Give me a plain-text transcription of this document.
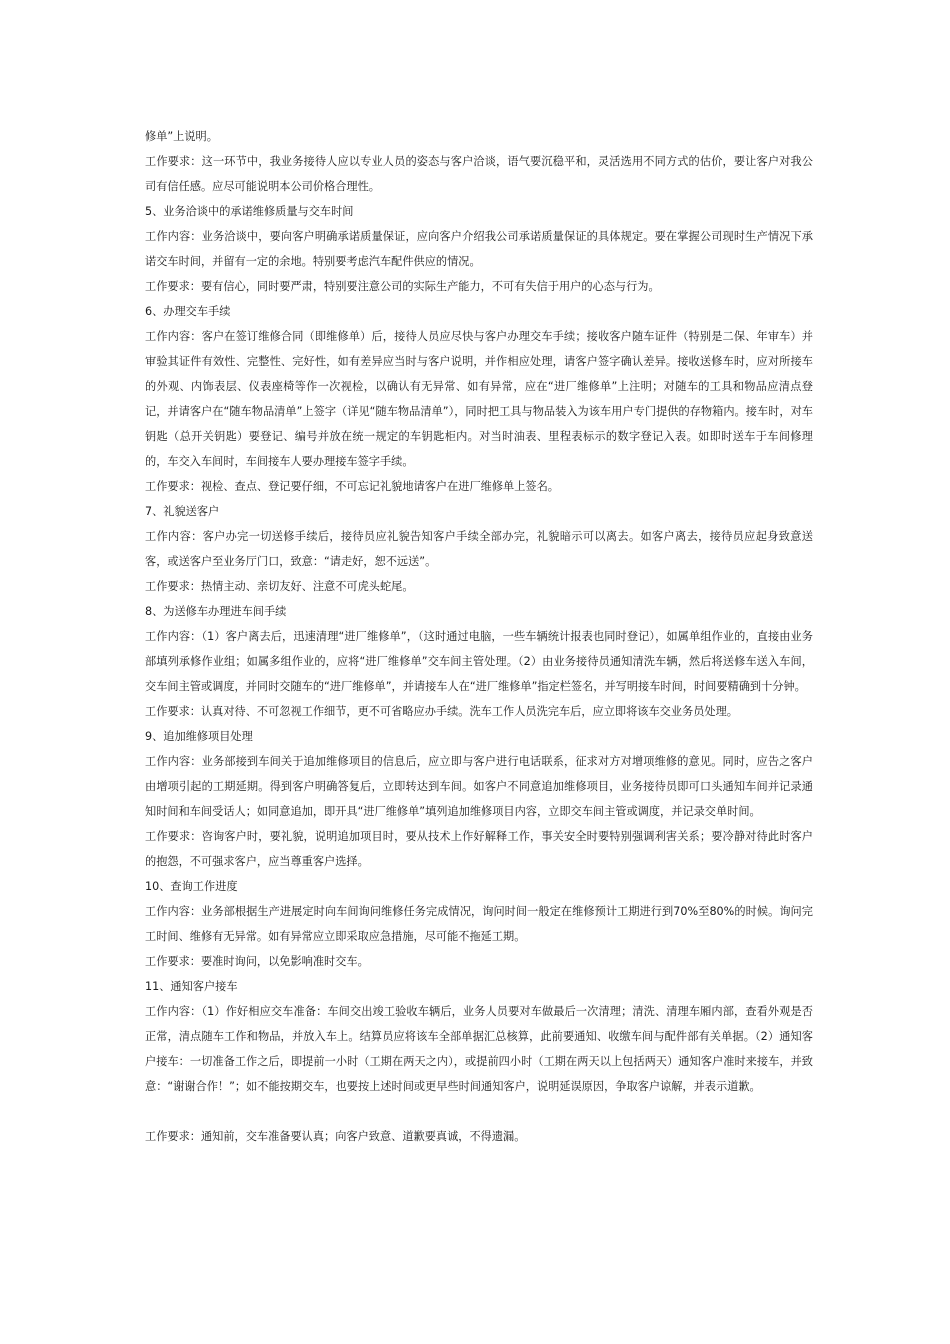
修单”上说明。

工作要求：这一环节中，我业务接待人应以专业人员的姿态与客户洽谈，语气要沉稳平和，灵活选用不同方式的估价，要让客户对我公司有信任感。应尽可能说明本公司价格合理性。

5、业务洽谈中的承诺维修质量与交车时间

工作内容：业务洽谈中，要向客户明确承诺质量保证，应向客户介绍我公司承诺质量保证的具体规定。要在掌握公司现时生产情况下承诺交车时间，并留有一定的余地。特别要考虑汽车配件供应的情况。

工作要求：要有信心，同时要严肃，特别要注意公司的实际生产能力，不可有失信于用户的心态与行为。

6、办理交车手续

工作内容：客户在签订维修合同（即维修单）后，接待人员应尽快与客户办理交车手续；接收客户随车证件（特别是二保、年审车）并审验其证件有效性、完整性、完好性，如有差异应当时与客户说明，并作相应处理，请客户签字确认差异。接收送修车时，应对所接车的外观、内饰表层、仪表座椅等作一次视检，以确认有无异常、如有异常，应在“进厂维修单”上注明；对随车的工具和物品应清点登记，并请客户在“随车物品清单”上签字（详见“随车物品清单”），同时把工具与物品装入为该车用户专门提供的存物箱内。接车时，对车钥匙（总开关钥匙）要登记、编号并放在统一规定的车钥匙柜内。对当时油表、里程表标示的数字登记入表。如即时送车于车间修理的，车交入车间时，车间接车人要办理接车签字手续。

工作要求：视检、查点、登记要仔细，不可忘记礼貌地请客户在进厂维修单上签名。

7、礼貌送客户

工作内容：客户办完一切送修手续后，接待员应礼貌告知客户手续全部办完，礼貌暗示可以离去。如客户离去，接待员应起身致意送客，或送客户至业务厅门口，致意：“请走好，恕不远送”。

工作要求：热情主动、亲切友好、注意不可虎头蛇尾。

8、为送修车办理进车间手续

工作内容：（1）客户离去后，迅速清理“进厂维修单”，（这时通过电脑，一些车辆统计报表也同时登记），如属单组作业的，直接由业务部填列承修作业组；如属多组作业的，应将“进厂维修单”交车间主管处理。（2）由业务接待员通知清洗车辆，然后将送修车送入车间，交车间主管或调度，并同时交随车的“进厂维修单”，并请接车人在“进厂维修单”指定栏签名，并写明接车时间，时间要精确到十分钟。

工作要求：认真对待、不可忽视工作细节，更不可省略应办手续。洗车工作人员洗完车后，应立即将该车交业务员处理。

9、追加维修项目处理

工作内容：业务部接到车间关于追加维修项目的信息后，应立即与客户进行电话联系，征求对方对增项维修的意见。同时，应告之客户由增项引起的工期延期。得到客户明确答复后，立即转达到车间。如客户不同意追加维修项目，业务接待员即可口头通知车间并记录通知时间和车间受话人；如同意追加，即开具“进厂维修单”填列追加维修项目内容，立即交车间主管或调度，并记录交单时间。

工作要求：咨询客户时，要礼貌，说明追加项目时，要从技术上作好解释工作，事关安全时要特别强调利害关系；要冷静对待此时客户的抱怨，不可强求客户，应当尊重客户选择。

10、查询工作进度

工作内容：业务部根据生产进展定时向车间询问维修任务完成情况，询问时间一般定在维修预计工期进行到70%至80%的时候。询问完工时间、维修有无异常。如有异常应立即采取应急措施，尽可能不拖延工期。

工作要求：要准时询问，以免影响准时交车。

11、通知客户接车

工作内容：（1）作好相应交车准备：车间交出竣工验收车辆后，业务人员要对车做最后一次清理；清洗、清理车厢内部，查看外观是否正常，清点随车工作和物品，并放入车上。结算员应将该车全部单据汇总核算，此前要通知、收缴车间与配件部有关单据。（2）通知客户接车：一切准备工作之后，即提前一小时（工期在两天之内），或提前四小时（工期在两天以上包括两天）通知客户准时来接车，并致意：“谢谢合作！”；如不能按期交车，也要按上述时间或更早些时间通知客户，说明延误原因，争取客户谅解，并表示道歉。

工作要求：通知前，交车准备要认真；向客户致意、道歉要真诚，不得遗漏。
